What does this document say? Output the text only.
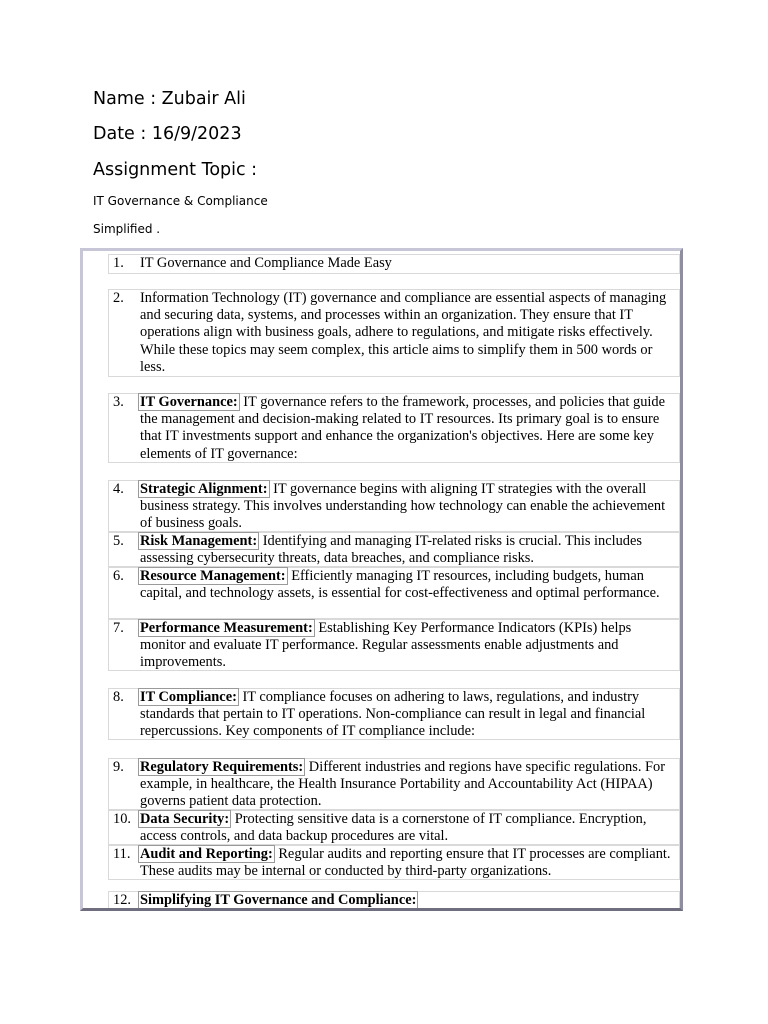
Name : Zubair Ali
Date : 16/9/2023
Assignment Topic :

IT Governance & Compliance

Simplified .

1. IT Governance and Compliance Made Easy
2. Information Technology (IT) governance and compliance are essential aspects of managing and securing data, systems, and processes within an organization. They ensure that IT operations align with business goals, adhere to regulations, and mitigate risks effectively. While these topics may seem complex, this article aims to simplify them in 500 words or less.
3. IT Governance: IT governance refers to the framework, processes, and policies that guide the management and decision-making related to IT resources. Its primary goal is to ensure that IT investments support and enhance the organization's objectives. Here are some key elements of IT governance:
4. Strategic Alignment: IT governance begins with aligning IT strategies with the overall business strategy. This involves understanding how technology can enable the achievement of business goals.
5. Risk Management: Identifying and managing IT-related risks is crucial. This includes assessing cybersecurity threats, data breaches, and compliance risks.
6. Resource Management: Efficiently managing IT resources, including budgets, human capital, and technology assets, is essential for cost-effectiveness and optimal performance.
7. Performance Measurement: Establishing Key Performance Indicators (KPIs) helps monitor and evaluate IT performance. Regular assessments enable adjustments and improvements.
8. IT Compliance: IT compliance focuses on adhering to laws, regulations, and industry standards that pertain to IT operations. Non-compliance can result in legal and financial repercussions. Key components of IT compliance include:
9. Regulatory Requirements: Different industries and regions have specific regulations. For example, in healthcare, the Health Insurance Portability and Accountability Act (HIPAA) governs patient data protection.
10. Data Security: Protecting sensitive data is a cornerstone of IT compliance. Encryption, access controls, and data backup procedures are vital.
11. Audit and Reporting: Regular audits and reporting ensure that IT processes are compliant. These audits may be internal or conducted by third-party organizations.
12. Simplifying IT Governance and Compliance:
